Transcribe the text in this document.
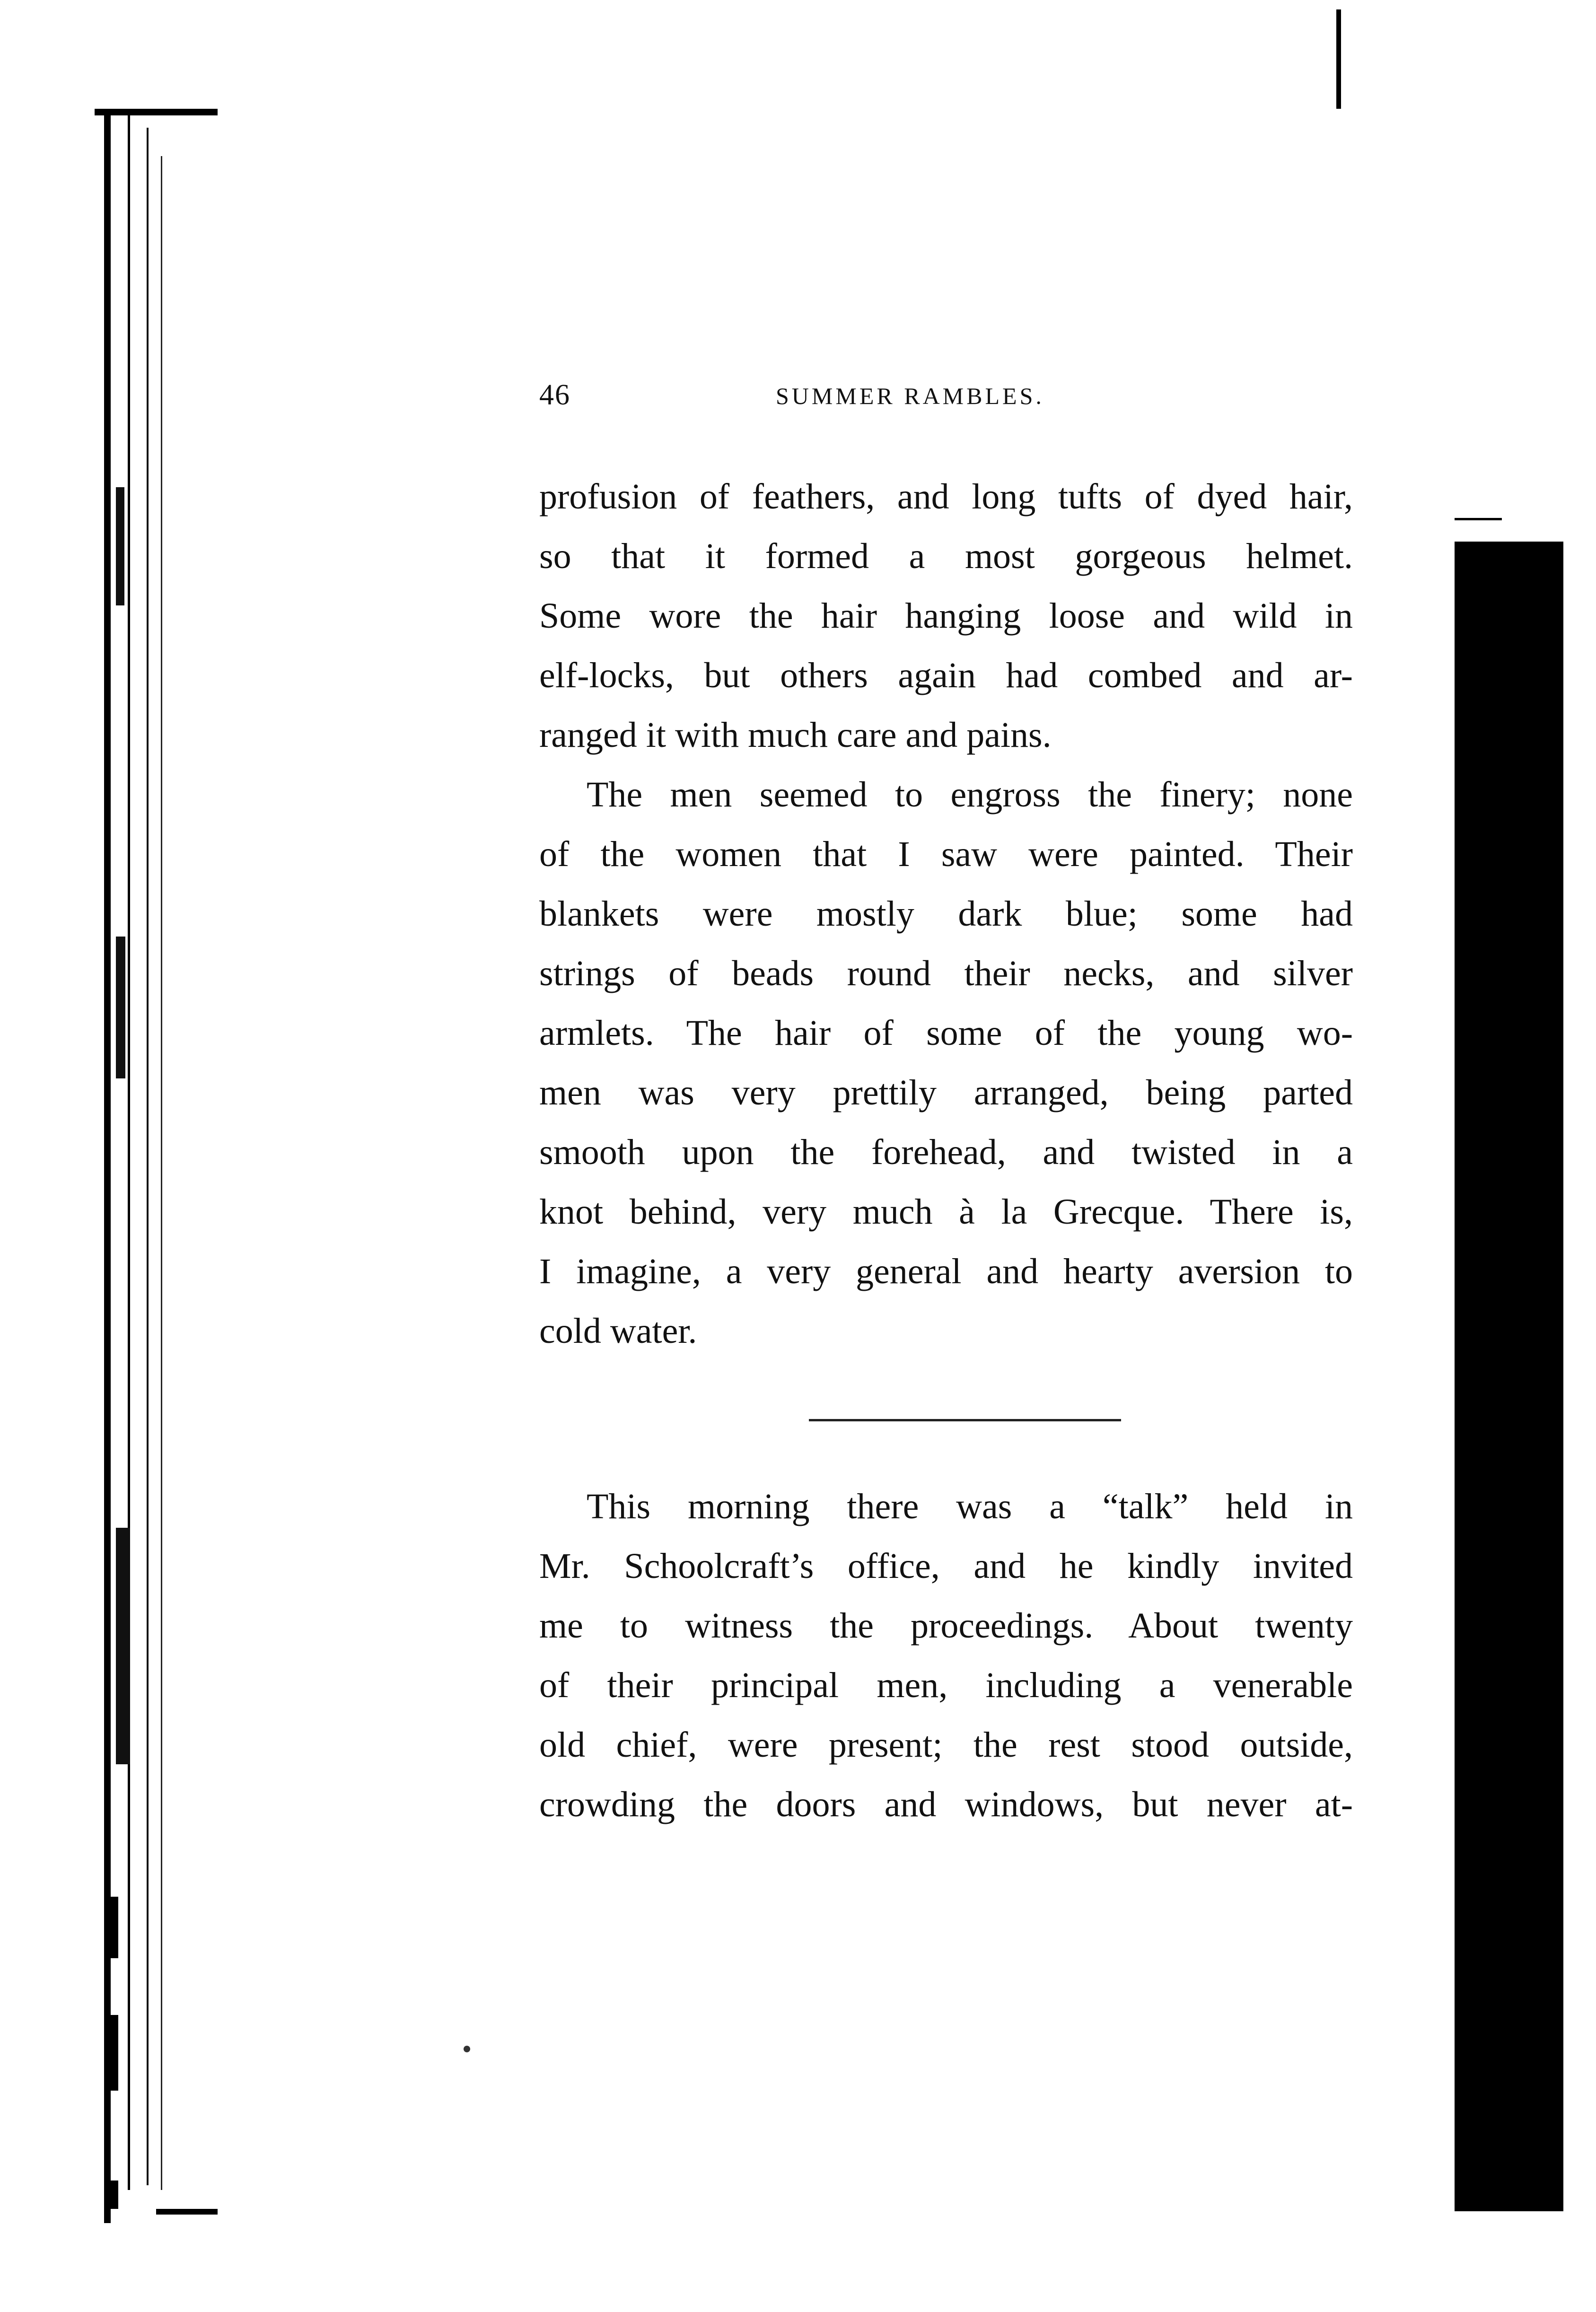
46	SUMMER RAMBLES.
profusion of feathers, and long tufts of dyed hair,
so that it formed a most gorgeous helmet.
Some wore the hair hanging loose and wild in
elf-locks, but others again had combed and ar-
ranged it with much care and pains.
The men seemed to engross the finery; none
of the women that I saw were painted. Their
blankets were mostly dark blue; some had
strings of beads round their necks, and silver
armlets. The hair of some of the young wo-
men was very prettily arranged, being parted
smooth upon the forehead, and twisted in a
knot behind, very much à la Grecque. There is,
I imagine, a very general and hearty aversion to
cold water.
This morning there was a “talk” held in
Mr. Schoolcraft’s office, and he kindly invited
me to witness the proceedings. About twenty
of their principal men, including a venerable
old chief, were present; the rest stood outside,
crowding the doors and windows, but never at-
